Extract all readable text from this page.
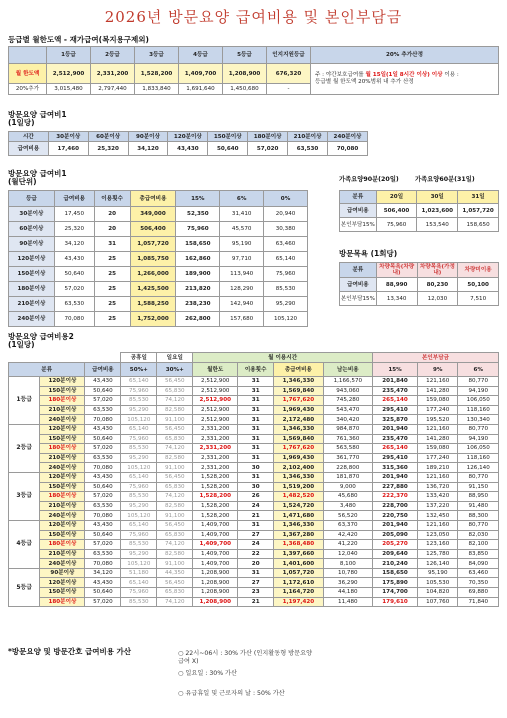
2026년 방문요양 급여비용 및 본인부담금
등급별 월한도액 - 재가급여(복지용구제외)
	1등급	2등급	3등급	4등급	5등급	인지지원등급	20% 추가산정
월 한도액	2,512,900	2,331,200	1,528,200	1,409,700	1,208,900	676,320	주 : 야간보호급여를 월 15일(1일 8시간 이상) 이상 이용 :
등급별 월 한도액 20%범위 내 추가 산정
20%추가	3,015,480	2,797,440	1,833,840	1,691,640	1,450,680	-	
방문요양 급여비1
(1일당)
시간	30분이상	60분이상	90분이상	120분이상	150분이상	180분이상	210분이상	240분이상
급여비용	17,460	25,320	34,120	43,430	50,640	57,020	63,530	70,080
방문요양 급여비1
(월단위)
등급	급여비용	이용횟수	총급여비용	15%	6%	0%
30분이상	17,450	20	349,000	52,350	31,410	20,940
60분이상	25,320	20	506,400	75,960	45,570	30,380
90분이상	34,120	31	1,057,720	158,650	95,190	63,460
120분이상	43,430	25	1,085,750	162,860	97,710	65,140
150분이상	50,640	25	1,266,000	189,900	113,940	75,960
180분이상	57,020	25	1,425,500	213,820	128,290	85,530
210분이상	63,530	25	1,588,250	238,230	142,940	95,290
240분이상	70,080	25	1,752,000	262,800	157,680	105,120
가족요양90분(20일)	가족요양60분(31일)
분류	20일	30일	31일
급여비용	506,400	1,023,600	1,057,720
본인부담15%	75,960	153,540	158,650
방문목욕 (1회당)
분류	차량목욕(차량내)	차량목욕(가정내)	차량미이용
급여비용	88,990	80,230	50,100
본인부담15%	13,340	12,030	7,510
방문요양 급여비용2
(1일당)
			공휴일	일요일	월 이용시간				본인부담금		
분류		급여비용	50%+	30%+	월한도	이용횟수	총급여비용	남는비용	15%	9%	6%
1등급	120분이상	43,430	65,140	56,450	2,512,900	31	1,346,330	1,166,570	201,840	121,160	80,770
	150분이상	50,640	75,960	65,830	2,512,900	31	1,569,840	943,060	235,470	141,280	94,190
	180분이상	57,020	85,530	74,120	2,512,900	31	1,767,620	745,280	265,140	159,080	106,050
	210분이상	63,530	95,290	82,580	2,512,900	31	1,969,430	543,470	295,410	177,240	118,160
	240분이상	70,080	105,120	91,100	2,512,900	31	2,172,480	340,420	325,870	195,520	130,340
2등급	120분이상	43,430	65,140	56,450	2,331,200	31	1,346,330	984,870	201,940	121,160	80,770
	150분이상	50,640	75,960	65,830	2,331,200	31	1,569,840	761,360	235,470	141,280	94,190
	180분이상	57,020	85,530	74,120	2,331,200	31	1,767,620	563,580	265,140	159,080	106,050
	210분이상	63,530	95,290	82,580	2,331,200	31	1,969,430	361,770	295,410	177,240	118,160
	240분이상	70,080	105,120	91,100	2,331,200	30	2,102,400	228,800	315,360	189,210	126,140
3등급	120분이상	43,430	65,140	56,450	1,528,200	31	1,346,330	181,870	201,940	121,160	80,770
	150분이상	50,640	75,960	65,830	1,528,200	30	1,519,200	9,000	227,880	136,720	91,150
	180분이상	57,020	85,530	74,120	1,528,200	26	1,482,520	45,680	222,370	133,420	88,950
	210분이상	63,530	95,290	82,580	1,528,200	24	1,524,720	3,480	228,700	137,220	91,480
	240분이상	70,080	105,120	91,100	1,528,200	21	1,471,680	56,520	220,750	132,450	88,300
4등급	120분이상	43,430	65,140	56,450	1,409,700	31	1,346,330	63,370	201,940	121,160	80,770
	150분이상	50,640	75,960	65,830	1,409,700	27	1,367,280	42,420	205,090	123,050	82,030
	180분이상	57,020	85,530	74,120	1,409,700	24	1,368,480	41,220	205,270	123,160	82,100
	210분이상	63,530	95,290	82,580	1,409,700	22	1,397,660	12,040	209,640	125,780	83,850
	240분이상	70,080	105,120	91,100	1,409,700	20	1,401,600	8,100	210,240	126,140	84,090
5등급	90분이상	34,120	51,180	44,350	1,208,900	31	1,057,720	10,780	158,650	95,190	63,460
	120분이상	43,430	65,140	56,450	1,208,900	27	1,172,610	36,290	175,890	105,530	70,350
	150분이상	50,640	75,960	65,830	1,208,900	23	1,164,720	44,180	174,700	104,820	69,880
	180분이상	57,020	85,530	74,120	1,208,900	21	1,197,420	11,480	179,610	107,760	71,840
*방문요양 및 방문간호 급여비용 가산	○ 22시~06시 : 30% 가산 (인지활동형 방문요양급여 X)
○ 일요일 : 30% 가산
○ 유급휴일 및 근로자의 날 : 50% 가산
